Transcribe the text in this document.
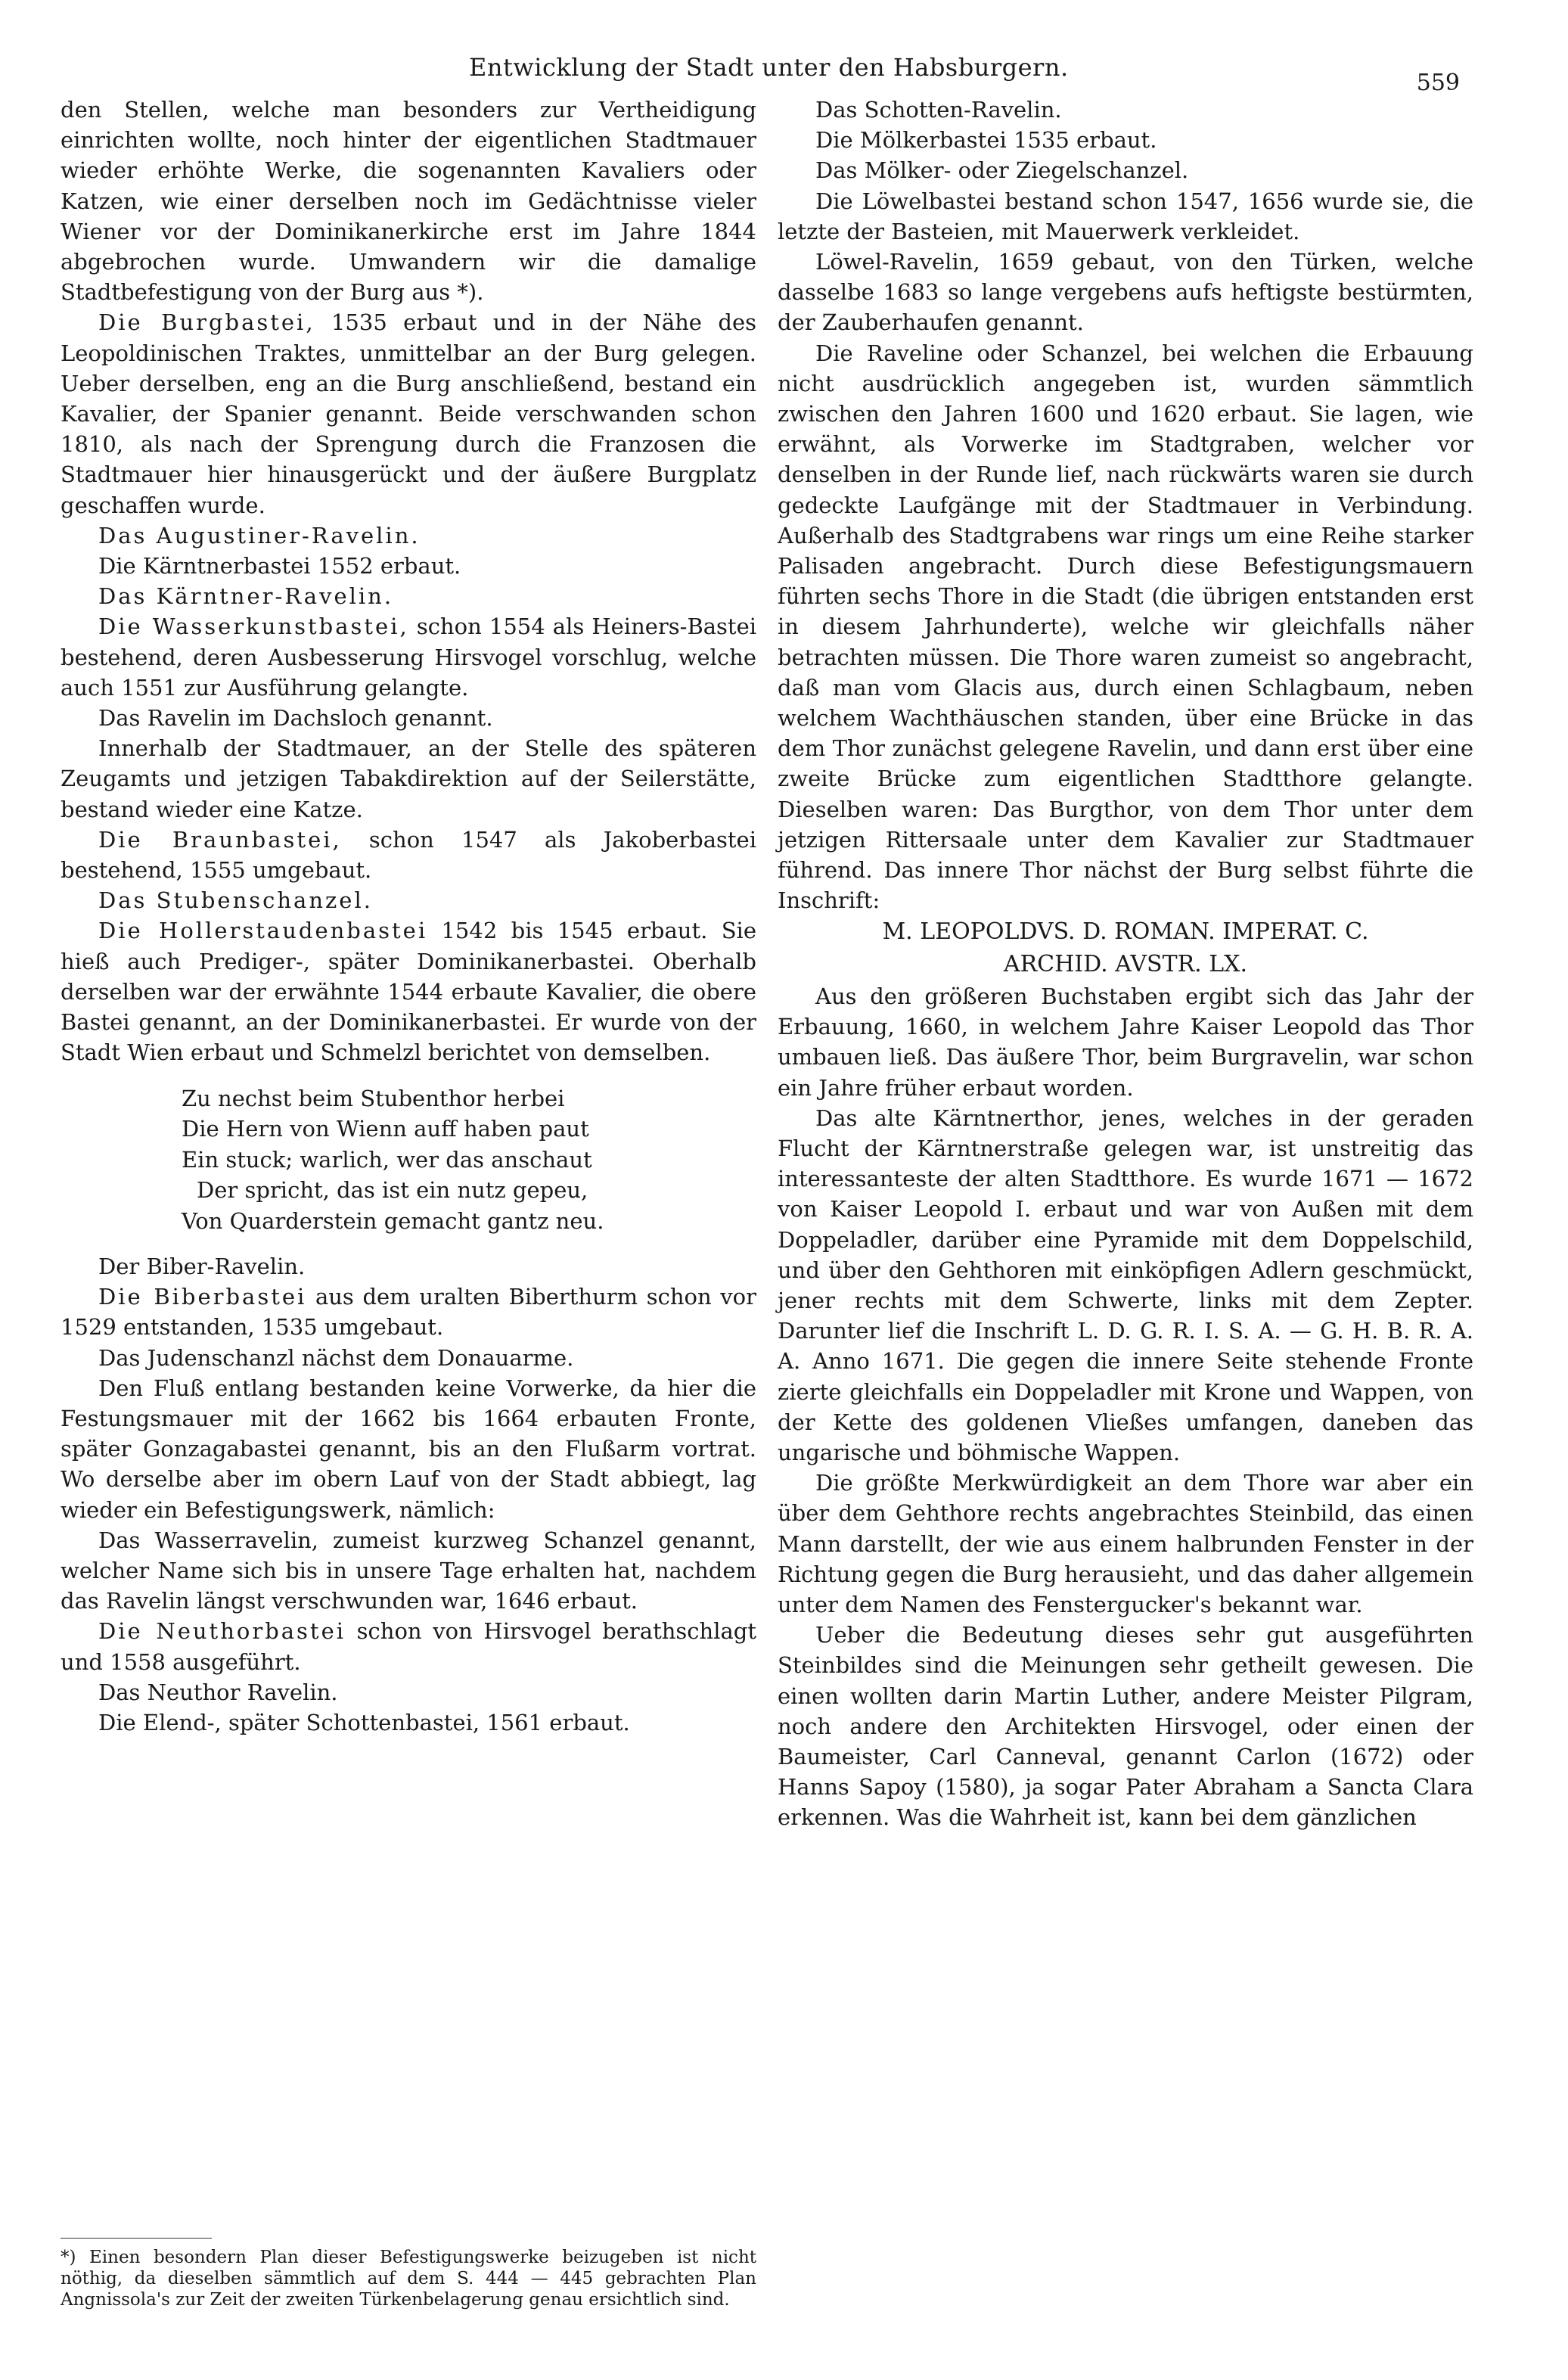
Entwicklung der Stadt unter den Habsburgern.
559

den Stellen, welche man besonders zur Vertheidigung einrichten wollte, noch hinter der eigentlichen Stadtmauer wieder erhöhte Werke, die sogenannten Kavaliers oder Katzen, wie einer derselben noch im Gedächtnisse vieler Wiener vor der Dominikanerkirche erst im Jahre 1844 abgebrochen wurde. Umwandern wir die damalige Stadtbefestigung von der Burg aus *).

Die Burgbastei, 1535 erbaut und in der Nähe des Leopoldinischen Traktes, unmittelbar an der Burg gelegen. Ueber derselben, eng an die Burg anschließend, bestand ein Kavalier, der Spanier genannt. Beide verschwanden schon 1810, als nach der Sprengung durch die Franzosen die Stadtmauer hier hinausgerückt und der äußere Burgplatz geschaffen wurde.

Das Augustiner-Ravelin.

Die Kärntnerbastei 1552 erbaut.

Das Kärntner-Ravelin.

Die Wasserkunstbastei, schon 1554 als Heiners-Bastei bestehend, deren Ausbesserung Hirsvogel vorschlug, welche auch 1551 zur Ausführung gelangte.

Das Ravelin im Dachsloch genannt.

Innerhalb der Stadtmauer, an der Stelle des späteren Zeugamts und jetzigen Tabakdirektion auf der Seilerstätte, bestand wieder eine Katze.

Die Braunbastei, schon 1547 als Jakoberbastei bestehend, 1555 umgebaut.

Das Stubenschanzel.

Die Hollerstaudenbastei 1542 bis 1545 erbaut. Sie hieß auch Prediger-, später Dominikanerbastei. Oberhalb derselben war der erwähnte 1544 erbaute Kavalier, die obere Bastei genannt, an der Dominikanerbastei. Er wurde von der Stadt Wien erbaut und Schmelzl berichtet von demselben.

Zu nechst beim Stubenthor herbei
Die Hern von Wienn auff haben paut
Ein stuck; warlich, wer das anschaut
Der spricht, das ist ein nutz gepeu,
Von Quarderstein gemacht gantz neu.

Der Biber-Ravelin.

Die Biberbastei aus dem uralten Biberthurm schon vor 1529 entstanden, 1535 umgebaut.

Das Judenschanzl nächst dem Donauarme.

Den Fluß entlang bestanden keine Vorwerke, da hier die Festungsmauer mit der 1662 bis 1664 erbauten Fronte, später Gonzagabastei genannt, bis an den Flußarm vortrat. Wo derselbe aber im obern Lauf von der Stadt abbiegt, lag wieder ein Befestigungswerk, nämlich:

Das Wasserravelin, zumeist kurzweg Schanzel genannt, welcher Name sich bis in unsere Tage erhalten hat, nachdem das Ravelin längst verschwunden war, 1646 erbaut.

Die Neuthorbastei schon von Hirsvogel berathschlagt und 1558 ausgeführt.

Das Neuthor Ravelin.

Die Elend-, später Schottenbastei, 1561 erbaut.

*) Einen besondern Plan dieser Befestigungswerke beizugeben ist nicht nöthig, da dieselben sämmtlich auf dem S. 444 — 445 gebrachten Plan Angnissola's zur Zeit der zweiten Türkenbelagerung genau ersichtlich sind.

Das Schotten-Ravelin.

Die Mölkerbastei 1535 erbaut.

Das Mölker- oder Ziegelschanzel.

Die Löwelbastei bestand schon 1547, 1656 wurde sie, die letzte der Basteien, mit Mauerwerk verkleidet.

Löwel-Ravelin, 1659 gebaut, von den Türken, welche dasselbe 1683 so lange vergebens aufs heftigste bestürmten, der Zauberhaufen genannt.

Die Raveline oder Schanzel, bei welchen die Erbauung nicht ausdrücklich angegeben ist, wurden sämmtlich zwischen den Jahren 1600 und 1620 erbaut. Sie lagen, wie erwähnt, als Vorwerke im Stadtgraben, welcher vor denselben in der Runde lief, nach rückwärts waren sie durch gedeckte Laufgänge mit der Stadtmauer in Verbindung. Außerhalb des Stadtgrabens war rings um eine Reihe starker Palisaden angebracht. Durch diese Befestigungsmauern führten sechs Thore in die Stadt (die übrigen entstanden erst in diesem Jahrhunderte), welche wir gleichfalls näher betrachten müssen. Die Thore waren zumeist so angebracht, daß man vom Glacis aus, durch einen Schlagbaum, neben welchem Wachthäuschen standen, über eine Brücke in das dem Thor zunächst gelegene Ravelin, und dann erst über eine zweite Brücke zum eigentlichen Stadtthore gelangte. Dieselben waren: Das Burgthor, von dem Thor unter dem jetzigen Rittersaale unter dem Kavalier zur Stadtmauer führend. Das innere Thor nächst der Burg selbst führte die Inschrift:

M. LEOPOLDVS. D. ROMAN. IMPERAT. C.
ARCHID. AVSTR. LX.

Aus den größeren Buchstaben ergibt sich das Jahr der Erbauung, 1660, in welchem Jahre Kaiser Leopold das Thor umbauen ließ. Das äußere Thor, beim Burgravelin, war schon ein Jahre früher erbaut worden.

Das alte Kärntnerthor, jenes, welches in der geraden Flucht der Kärntnerstraße gelegen war, ist unstreitig das interessanteste der alten Stadtthore. Es wurde 1671 — 1672 von Kaiser Leopold I. erbaut und war von Außen mit dem Doppeladler, darüber eine Pyramide mit dem Doppelschild, und über den Gehthoren mit einköpfigen Adlern geschmückt, jener rechts mit dem Schwerte, links mit dem Zepter. Darunter lief die Inschrift L. D. G. R. I. S. A. — G. H. B. R. A. A. Anno 1671. Die gegen die innere Seite stehende Fronte zierte gleichfalls ein Doppeladler mit Krone und Wappen, von der Kette des goldenen Vließes umfangen, daneben das ungarische und böhmische Wappen.

Die größte Merkwürdigkeit an dem Thore war aber ein über dem Gehthore rechts angebrachtes Steinbild, das einen Mann darstellt, der wie aus einem halbrunden Fenster in der Richtung gegen die Burg herausieht, und das daher allgemein unter dem Namen des Fenstergucker's bekannt war.

Ueber die Bedeutung dieses sehr gut ausgeführten Steinbildes sind die Meinungen sehr getheilt gewesen. Die einen wollten darin Martin Luther, andere Meister Pilgram, noch andere den Architekten Hirsvogel, oder einen der Baumeister, Carl Canneval, genannt Carlon (1672) oder Hanns Sapoy (1580), ja sogar Pater Abraham a Sancta Clara erkennen. Was die Wahrheit ist, kann bei dem gänzlichen
